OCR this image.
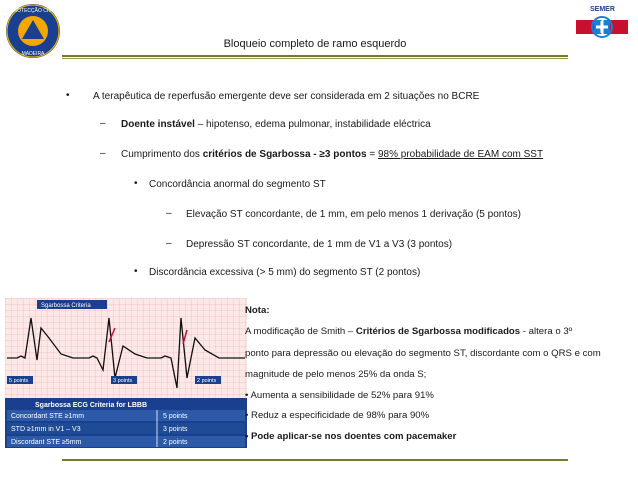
PROTECÇÃO CIVIL
MADEIRA
SEMER
Bloqueio completo de ramo esquerdo
• A terapêutica de reperfusão emergente deve ser considerada em 2 situações no BCRE
– Doente instável – hipotenso, edema pulmonar, instabilidade eléctrica
– Cumprimento dos critérios de Sgarbossa - ≥3 pontos = 98% probabilidade de EAM com SST
• Concordância anormal do segmento ST
– Elevação ST concordante, de 1 mm, em pelo menos 1 derivação (5 pontos)
– Depressão ST concordante, de 1 mm de V1 a V3 (3 pontos)
• Discordância excessiva (> 5 mm) do segmento ST (2 pontos)
Sgarbossa Criteria
5 points	3 points	2 points
Sgarbossa ECG Criteria for LBBB
Concordant STE ≥1mm	5 points
STD ≥1mm in V1 – V3	3 points
Discordant STE ≥5mm	2 points
Nota:
A modificação de Smith – Critérios de Sgarbossa modificados - altera o 3º
ponto para depressão ou elevação do segmento ST, discordante com o QRS e com
magnitude de pelo menos 25% da onda S;
• Aumenta a sensibilidade de 52% para 91%
• Reduz a especificidade de 98% para 90%
• Pode aplicar-se nos doentes com pacemaker
